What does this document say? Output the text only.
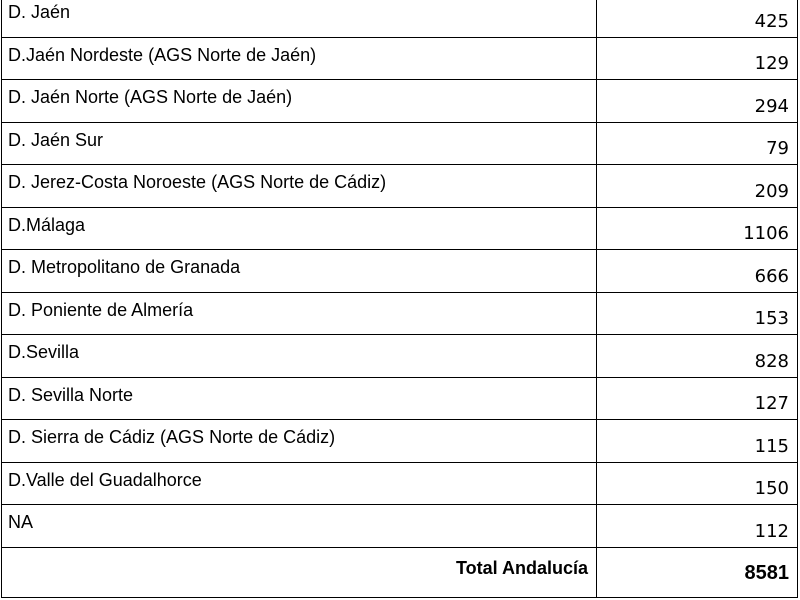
D. Jaén	425
D.Jaén Nordeste (AGS Norte de Jaén)	129
D. Jaén Norte (AGS Norte de Jaén)	294
D. Jaén Sur	79
D. Jerez-Costa Noroeste (AGS Norte de Cádiz)	209
D.Málaga	1106
D. Metropolitano de Granada	666
D. Poniente de Almería	153
D.Sevilla	828
D. Sevilla Norte	127
D. Sierra de Cádiz (AGS Norte de Cádiz)	115
D.Valle del Guadalhorce	150
NA	112
Total Andalucía	8581
